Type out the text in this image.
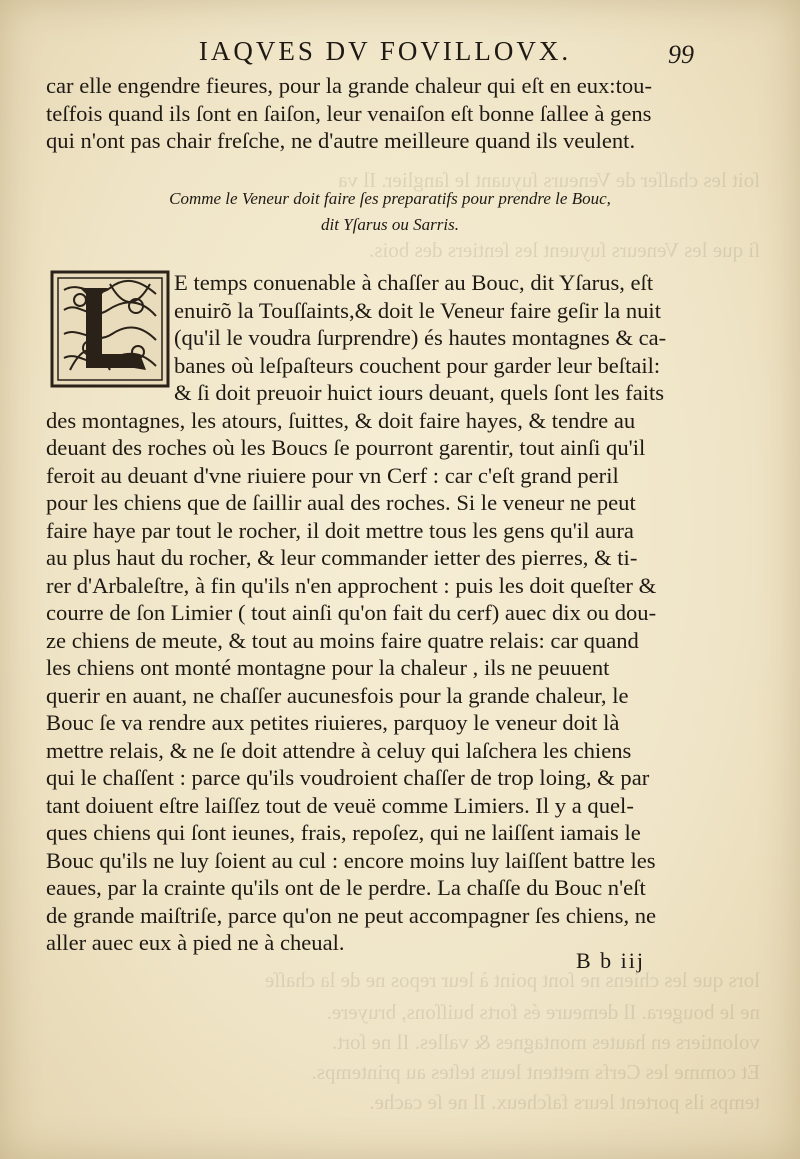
ſoit les chaſſer de Veneurs ſuyuant le ſanglier. Il va
ſi que les Veneurs ſuyuent les ſentiers des bois.
lors que les chiens ne ſont point à leur repos ne de la chaſſe
ne le bougera. Il demeure és forts buiſſons, bruyere.
volontiers en hautes montagnes & valles. Il ne ſort.
Et comme les Cerfs mettent leurs teſtes au printemps.
temps ils portent leurs faſcheux. Il ne ſe cache.
IAQVES DV FOVILLOVX.	99
car elle engendre fieures, pour la grande chaleur qui eſt en eux:tou-
teſfois quand ils ſont en ſaiſon, leur venaiſon eſt bonne ſallee à gens
qui n'ont pas chair freſche, ne d'autre meilleure quand ils veulent.
Comme le Veneur doit faire ſes preparatifs pour prendre le Bouc,
dit Yſarus ou Sarris.
E temps conuenable à chaſſer au Bouc, dit Yſarus, eſt
enuirõ la Touſſaints,& doit le Veneur faire geſir la nuit
(qu'il le voudra ſurprendre) és hautes montagnes & ca-
banes où leſpaſteurs couchent pour garder leur beſtail:
& ſi doit preuoir huict iours deuant, quels ſont les faits
des montagnes, les atours, ſuittes, & doit faire hayes, & tendre au
deuant des roches où les Boucs ſe pourront garentir, tout ainſi qu'il
feroit au deuant d'vne riuiere pour vn Cerf : car c'eſt grand peril
pour les chiens que de ſaillir aual des roches. Si le veneur ne peut
faire haye par tout le rocher, il doit mettre tous les gens qu'il aura
au plus haut du rocher, & leur commander ietter des pierres, & ti-
rer d'Arbaleſtre, à fin qu'ils n'en approchent : puis les doit queſter &
courre de ſon Limier ( tout ainſi qu'on fait du cerf) auec dix ou dou-
ze chiens de meute, & tout au moins faire quatre relais: car quand
les chiens ont monté montagne pour la chaleur , ils ne peuuent
querir en auant, ne chaſſer aucunesfois pour la grande chaleur, le
Bouc ſe va rendre aux petites riuieres, parquoy le veneur doit là
mettre relais, & ne ſe doit attendre à celuy qui laſchera les chiens
qui le chaſſent : parce qu'ils voudroient chaſſer de trop loing, & par
tant doiuent eſtre laiſſez tout de veuë comme Limiers. Il y a quel-
ques chiens qui ſont ieunes, frais, repoſez, qui ne laiſſent iamais le
Bouc qu'ils ne luy ſoient au cul : encore moins luy laiſſent battre les
eaues, par la crainte qu'ils ont de le perdre. La chaſſe du Bouc n'eſt
de grande maiſtriſe, parce qu'on ne peut accompagner ſes chiens, ne
aller auec eux à pied ne à cheual.
B b iij
